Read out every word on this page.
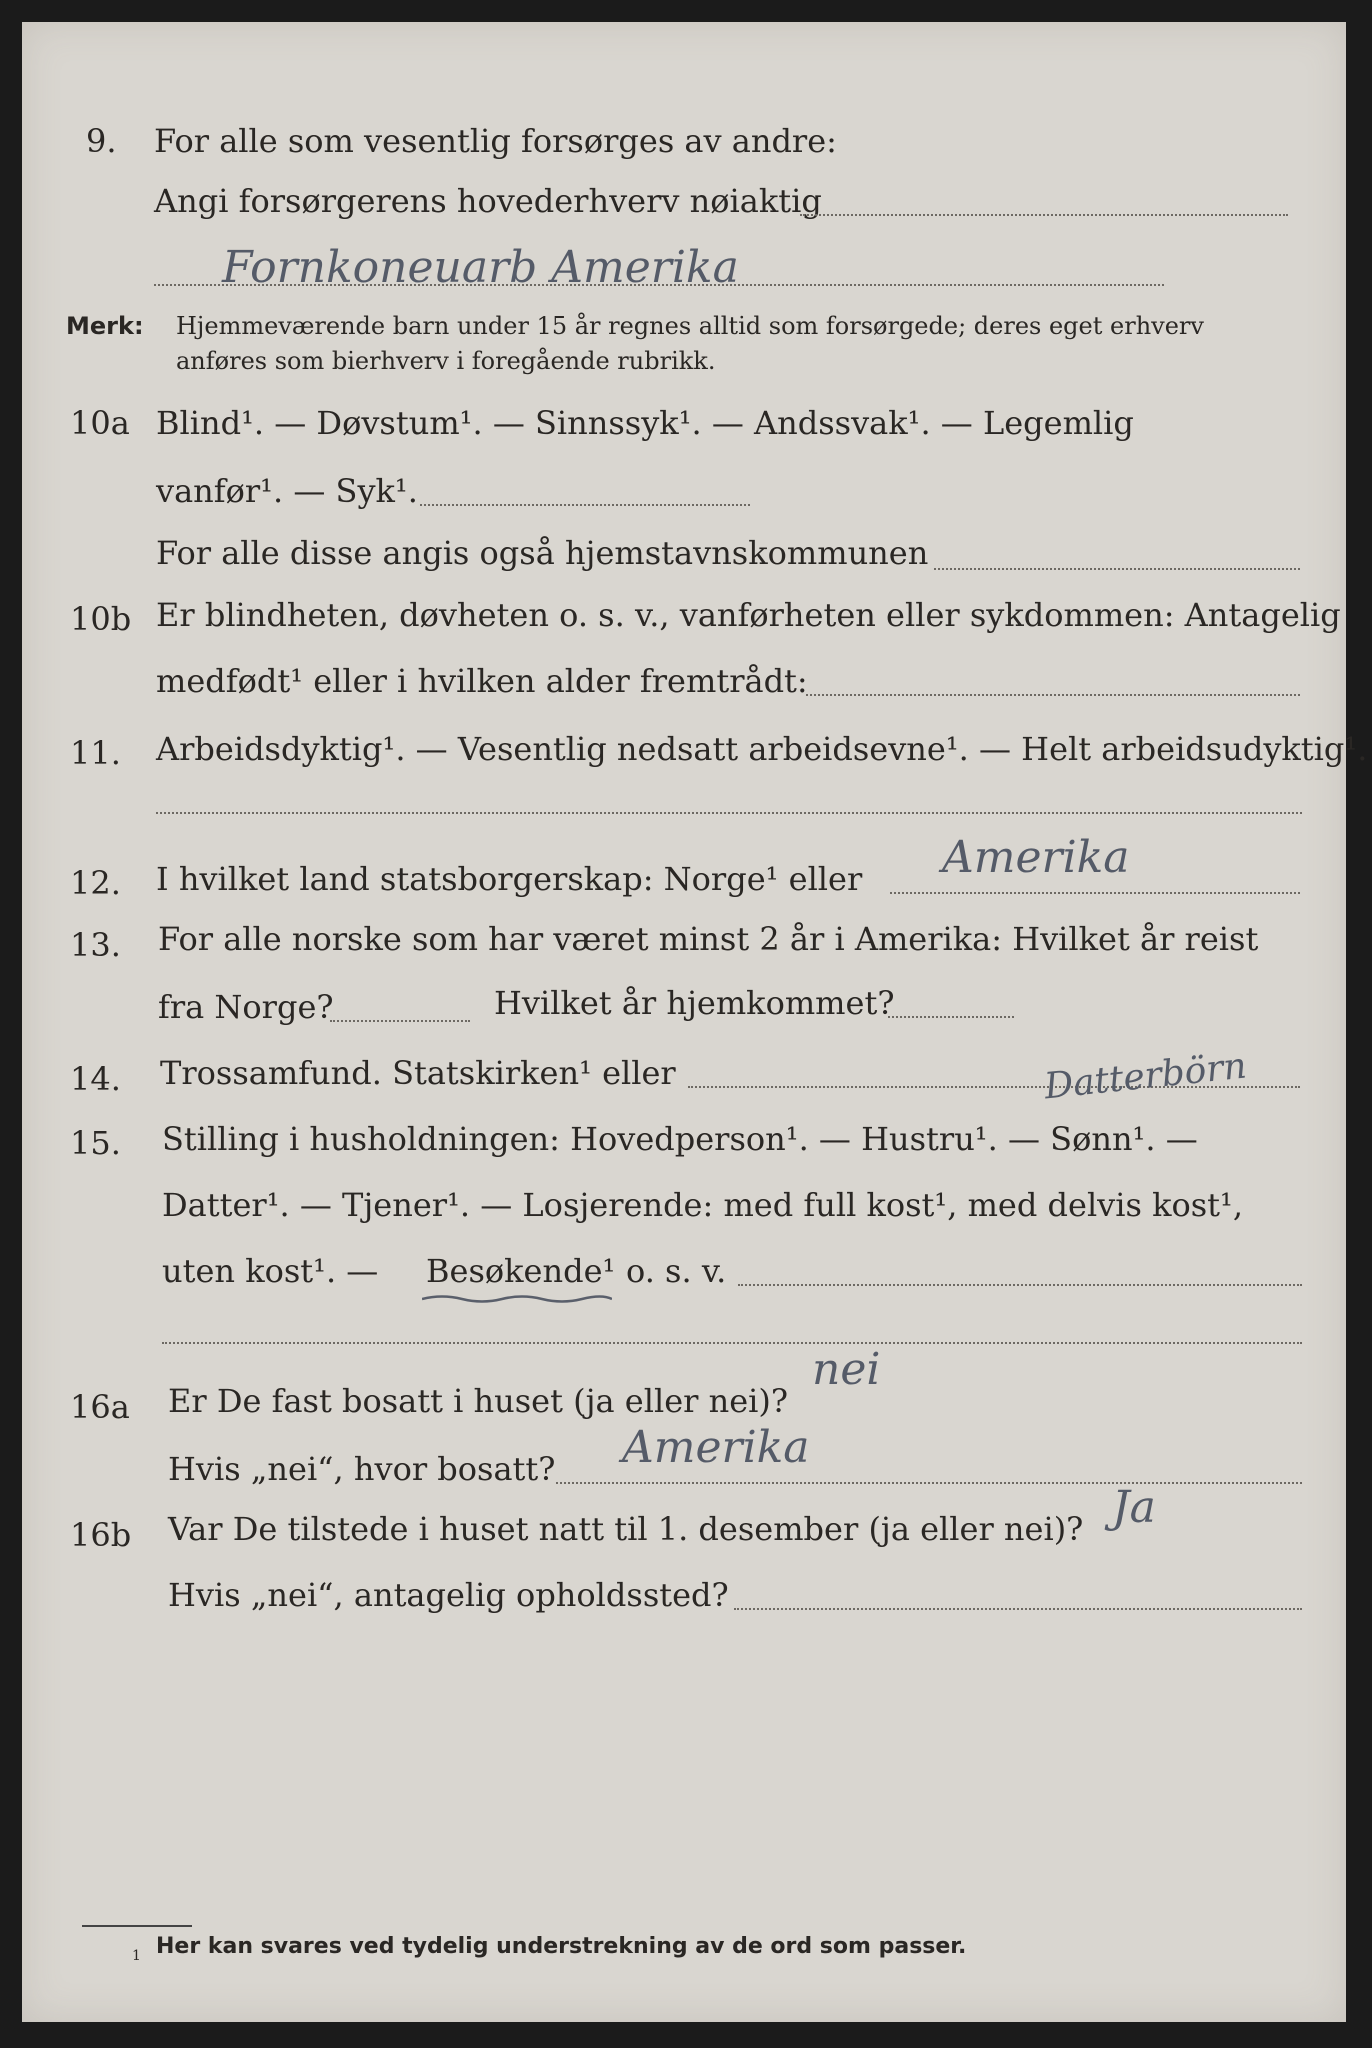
9. For alle som vesentlig forsørges av andre:
Angi forsørgerens hovederhverv nøiaktig
Fornkoneuarb Amerika
Merk: Hjemmeværende barn under 15 år regnes alltid som forsørgede; deres eget erhverv
anføres som bierhverv i foregående rubrikk.
10a Blind¹. — Døvstum¹. — Sinnssyk¹. — Andssvak¹. — Legemlig
vanfør¹. — Syk¹.
For alle disse angis også hjemstavnskommunen
10b Er blindheten, døvheten o. s. v., vanførheten eller sykdommen: Antagelig
medfødt¹ eller i hvilken alder fremtrådt:
11. Arbeidsdyktig¹. — Vesentlig nedsatt arbeidsevne¹. — Helt arbeidsudyktig¹.
12. I hvilket land statsborgerskap: Norge¹ eller Amerika
13. For alle norske som har været minst 2 år i Amerika: Hvilket år reist
fra Norge?	Hvilket år hjemkommet?
14. Trossamfund. Statskirken¹ eller	Datterbörn
15. Stilling i husholdningen: Hovedperson¹. — Hustru¹. — Sønn¹. —
Datter¹. — Tjener¹. — Losjerende: med full kost¹, med delvis kost¹,
uten kost¹. — Besøkende¹ o. s. v.
16a Er De fast bosatt i huset (ja eller nei)?
nei
Hvis „nei“, hvor bosatt? Amerika
16b Var De tilstede i huset natt til 1. desember (ja eller nei)? Ja
Hvis „nei“, antagelig opholdssted?
1 Her kan svares ved tydelig understrekning av de ord som passer.
